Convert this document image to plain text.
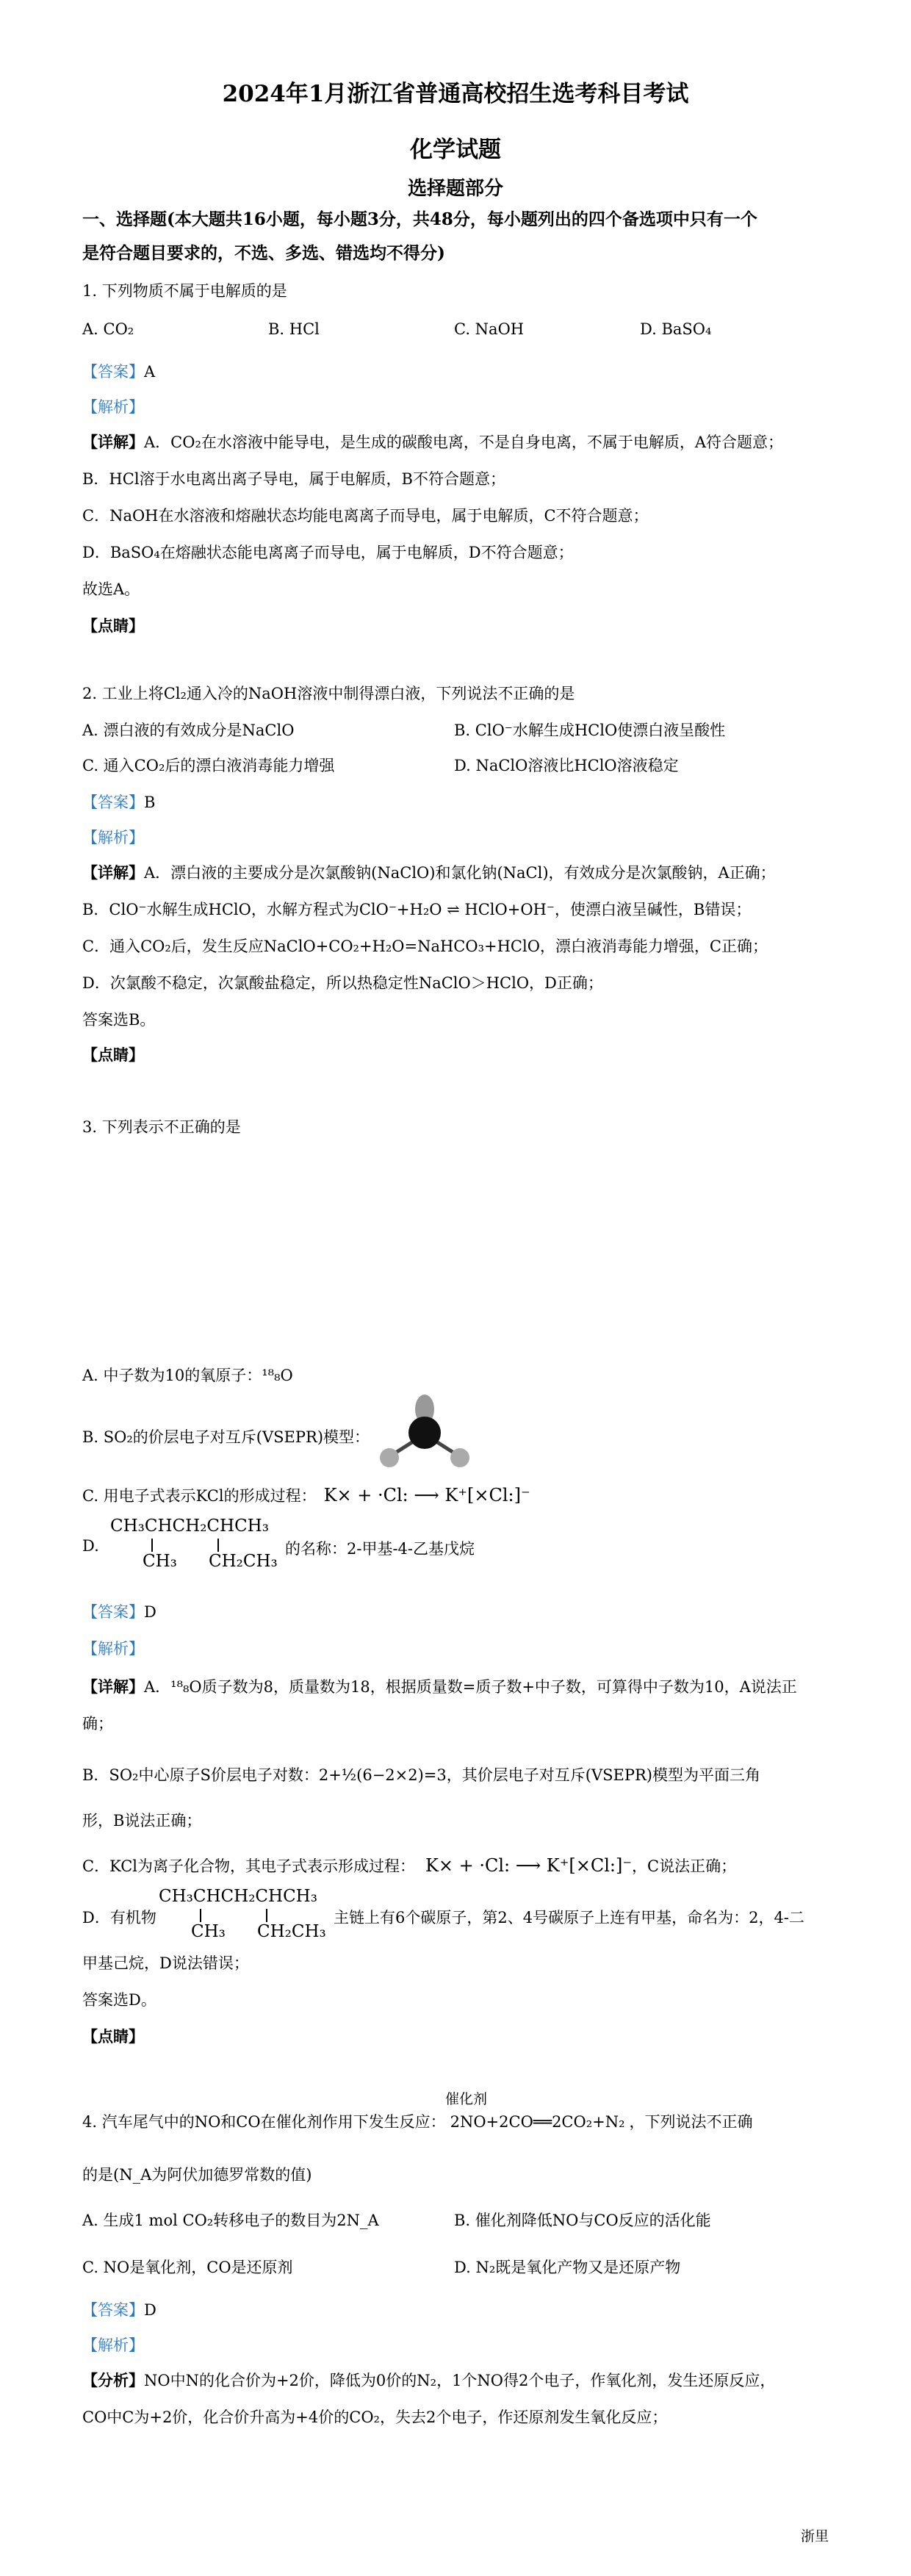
2024年1月浙江省普通高校招生选考科目考试
化学试题
选择题部分
一、选择题(本大题共16小题，每小题3分，共48分，每小题列出的四个备选项中只有一个
是符合题目要求的，不选、多选、错选均不得分)
1. 下列物质不属于电解质的是
A. CO₂	B. HCl	C. NaOH	D. BaSO₄
【答案】A
【解析】
【详解】A．CO₂在水溶液中能导电，是生成的碳酸电离，不是自身电离，不属于电解质，A符合题意；
B．HCl溶于水电离出离子导电，属于电解质，B不符合题意；
C．NaOH在水溶液和熔融状态均能电离离子而导电，属于电解质，C不符合题意；
D．BaSO₄在熔融状态能电离离子而导电，属于电解质，D不符合题意；
故选A。
【点睛】
2. 工业上将Cl₂通入冷的NaOH溶液中制得漂白液，下列说法不正确的是
A. 漂白液的有效成分是NaClO	B. ClO⁻水解生成HClO使漂白液呈酸性
C. 通入CO₂后的漂白液消毒能力增强	D. NaClO溶液比HClO溶液稳定
【答案】B
【解析】
【详解】A．漂白液的主要成分是次氯酸钠(NaClO)和氯化钠(NaCl)，有效成分是次氯酸钠，A正确；
B．ClO⁻水解生成HClO，水解方程式为ClO⁻+H₂O ⇌ HClO+OH⁻，使漂白液呈碱性，B错误；
C．通入CO₂后，发生反应NaClO+CO₂+H₂O=NaHCO₃+HClO，漂白液消毒能力增强，C正确；
D．次氯酸不稳定，次氯酸盐稳定，所以热稳定性NaClO＞HClO，D正确；
答案选B。
【点睛】
3. 下列表示不正确的是
A. 中子数为10的氧原子：¹⁸₈O
B. SO₂的价层电子对互斥(VSEPR)模型：
C. 用电子式表示KCl的形成过程： K× + ·Cl: ⟶ K⁺[×Cl:]⁻
CH₃CHCH₂CHCH₃
D.
CH₃ CH₂CH₃
的名称：2-甲基-4-乙基戊烷
【答案】D
【解析】
【详解】A．¹⁸₈O质子数为8，质量数为18，根据质量数=质子数+中子数，可算得中子数为10，A说法正
确；
B．SO₂中心原子S价层电子对数：2+½(6−2×2)=3，其价层电子对互斥(VSEPR)模型为平面三角
形，B说法正确；
C．KCl为离子化合物，其电子式表示形成过程： K× + ·Cl: ⟶ K⁺[×Cl:]⁻，C说法正确；
CH₃CHCH₂CHCH₃
D．有机物
CH₃ CH₂CH₃
主链上有6个碳原子，第2、4号碳原子上连有甲基，命名为：2，4-二
甲基己烷，D说法错误；
答案选D。
【点睛】
催化剂
4. 汽车尾气中的NO和CO在催化剂作用下发生反应： 2NO+2CO══2CO₂+N₂ ，下列说法不正确
的是(N_A为阿伏加德罗常数的值)
A. 生成1 mol CO₂转移电子的数目为2N_A	B. 催化剂降低NO与CO反应的活化能
C. NO是氧化剂，CO是还原剂	D. N₂既是氧化产物又是还原产物
【答案】D
【解析】
【分析】NO中N的化合价为+2价，降低为0价的N₂，1个NO得2个电子，作氧化剂，发生还原反应，
CO中C为+2价，化合价升高为+4价的CO₂，失去2个电子，作还原剂发生氧化反应；
浙里
